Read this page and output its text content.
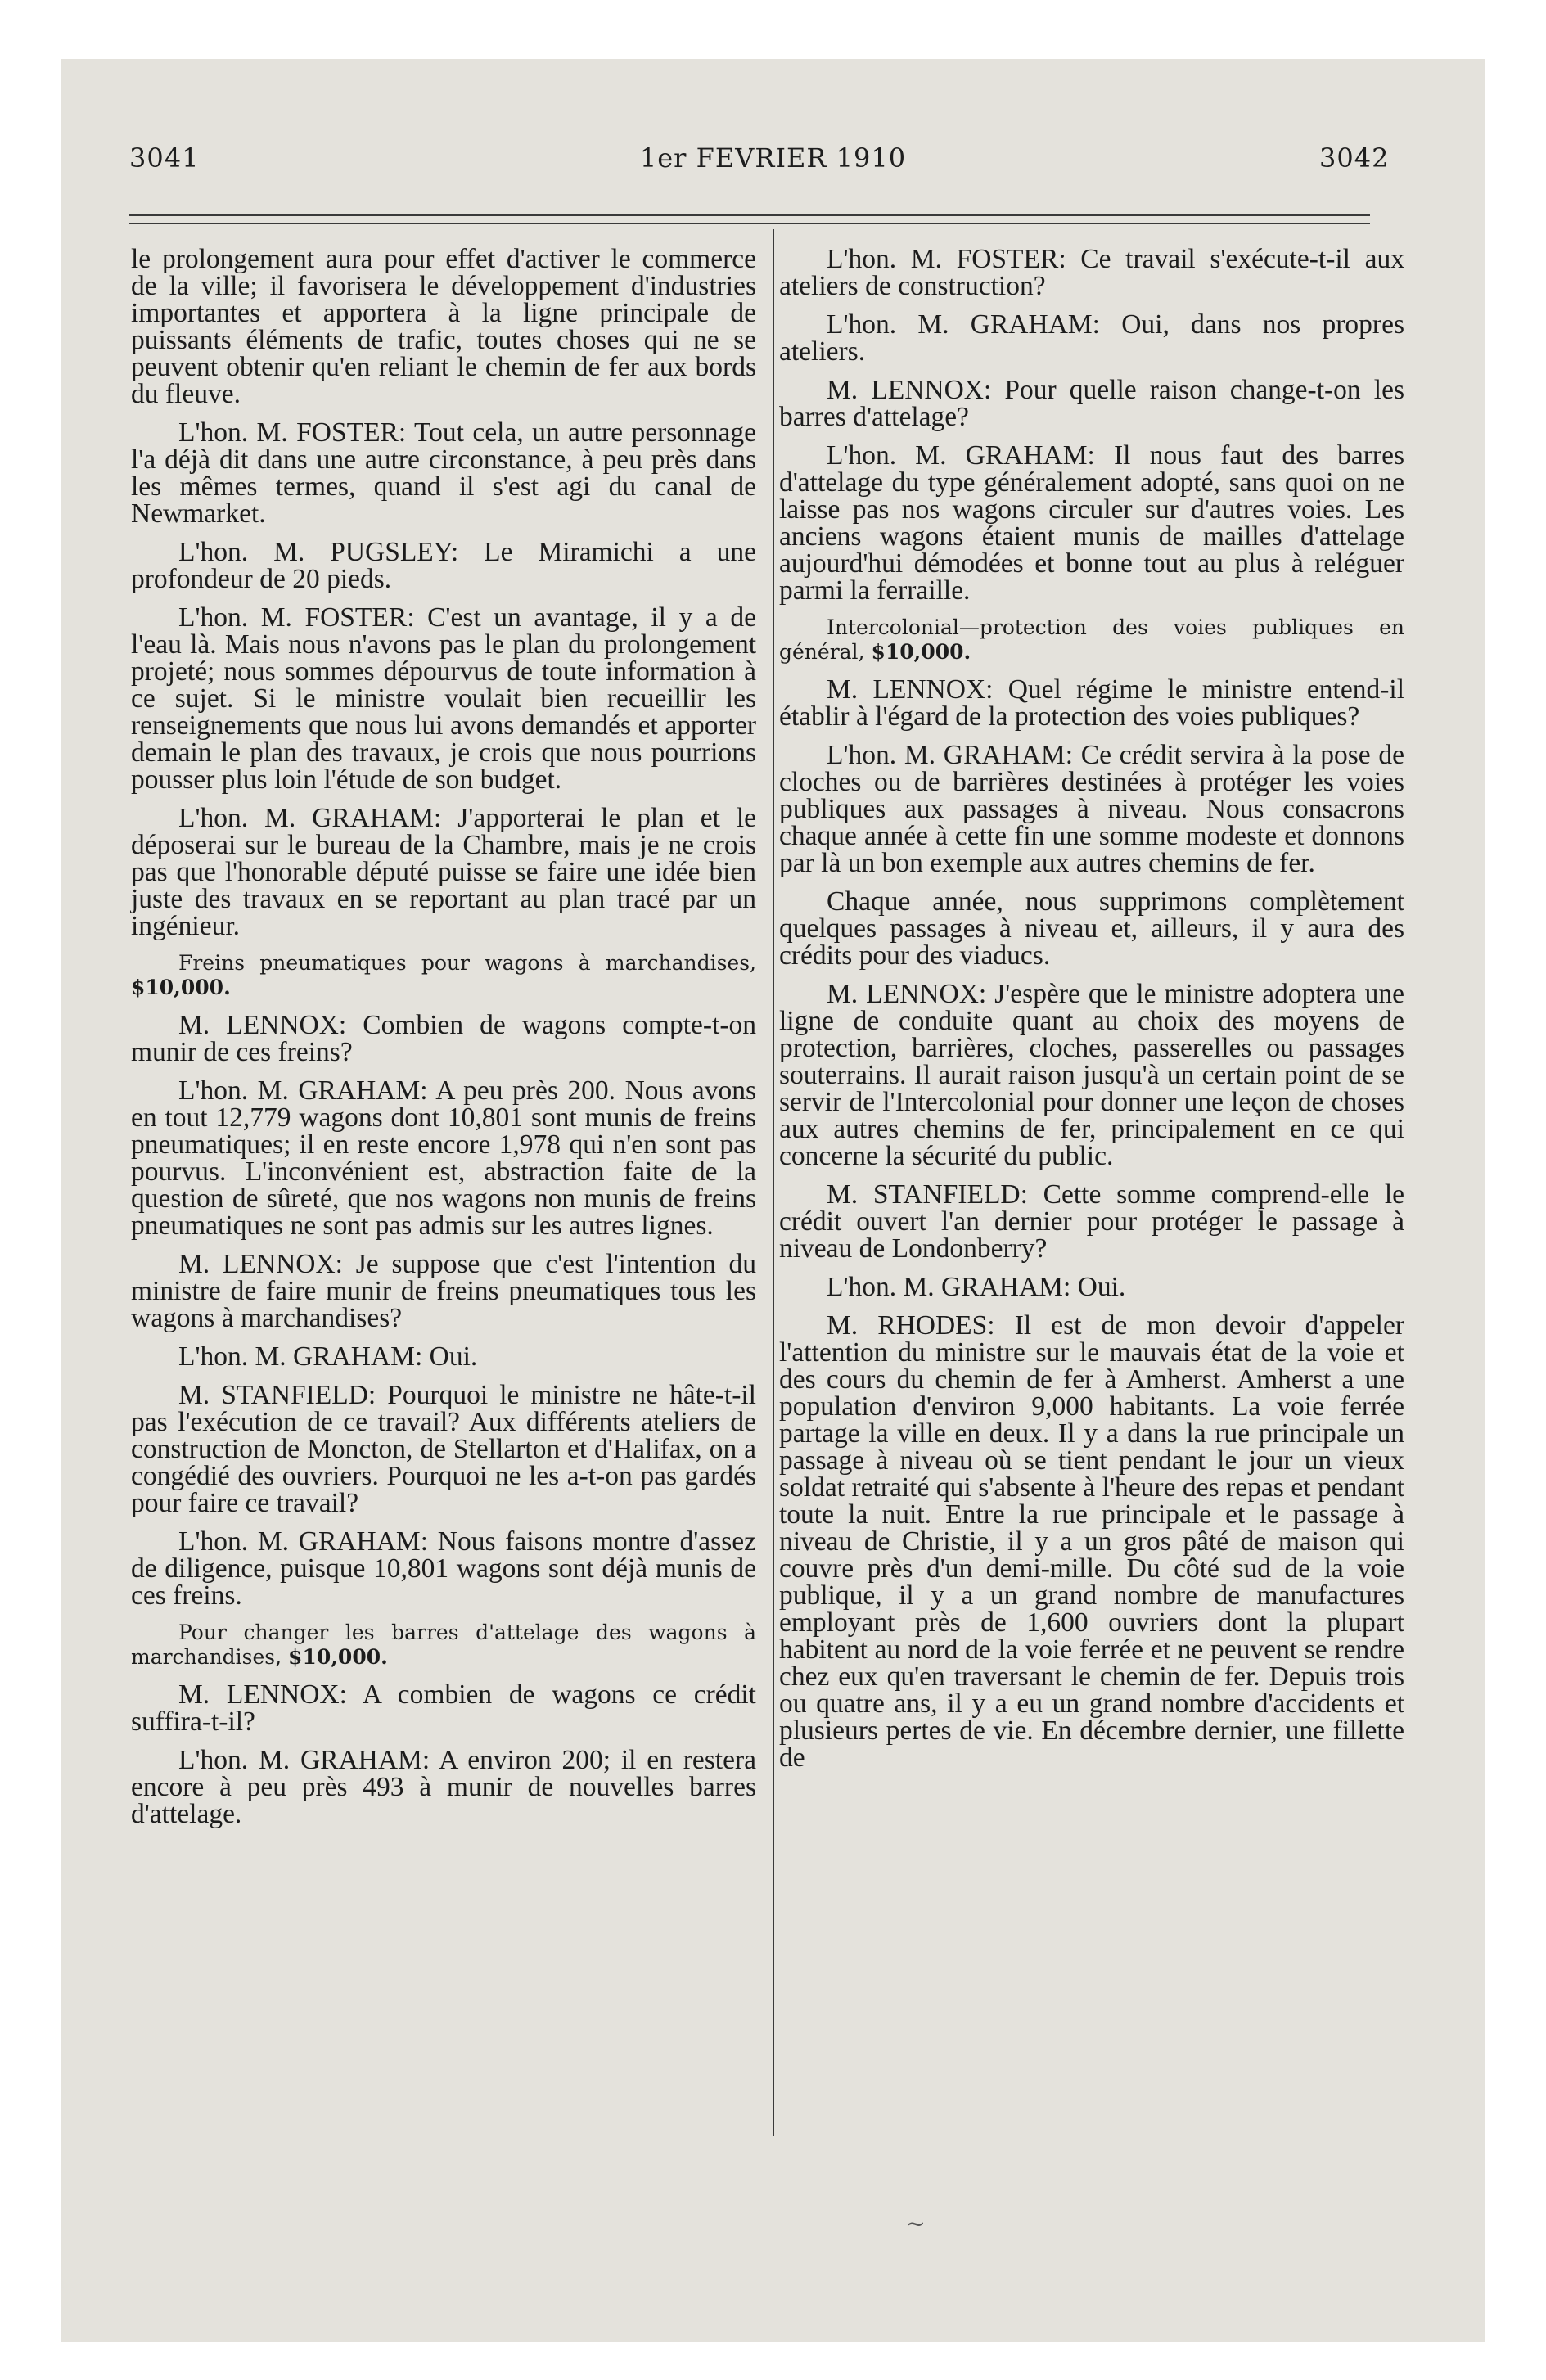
3041	1er FEVRIER 1910	3042

le prolongement aura pour effet d'activer le commerce de la ville; il favorisera le développement d'industries importantes et apportera à la ligne principale de puissants éléments de trafic, toutes choses qui ne se peuvent obtenir qu'en reliant le chemin de fer aux bords du fleuve.

L'hon. M. FOSTER: Tout cela, un autre personnage l'a déjà dit dans une autre circonstance, à peu près dans les mêmes termes, quand il s'est agi du canal de Newmarket.

L'hon. M. PUGSLEY: Le Miramichi a une profondeur de 20 pieds.

L'hon. M. FOSTER: C'est un avantage, il y a de l'eau là. Mais nous n'avons pas le plan du prolongement projeté; nous sommes dépourvus de toute information à ce sujet. Si le ministre voulait bien recueillir les renseignements que nous lui avons demandés et apporter demain le plan des travaux, je crois que nous pourrions pousser plus loin l'étude de son budget.

L'hon. M. GRAHAM: J'apporterai le plan et le déposerai sur le bureau de la Chambre, mais je ne crois pas que l'honorable député puisse se faire une idée bien juste des travaux en se reportant au plan tracé par un ingénieur.

Freins pneumatiques pour wagons à marchandises, $10,000.

M. LENNOX: Combien de wagons compte-t-on munir de ces freins?

L'hon. M. GRAHAM: A peu près 200. Nous avons en tout 12,779 wagons dont 10,801 sont munis de freins pneumatiques; il en reste encore 1,978 qui n'en sont pas pourvus. L'inconvénient est, abstraction faite de la question de sûreté, que nos wagons non munis de freins pneumatiques ne sont pas admis sur les autres lignes.

M. LENNOX: Je suppose que c'est l'intention du ministre de faire munir de freins pneumatiques tous les wagons à marchandises?

L'hon. M. GRAHAM: Oui.

M. STANFIELD: Pourquoi le ministre ne hâte-t-il pas l'exécution de ce travail? Aux différents ateliers de construction de Moncton, de Stellarton et d'Halifax, on a congédié des ouvriers. Pourquoi ne les a-t-on pas gardés pour faire ce travail?

L'hon. M. GRAHAM: Nous faisons montre d'assez de diligence, puisque 10,801 wagons sont déjà munis de ces freins.

Pour changer les barres d'attelage des wagons à marchandises, $10,000.

M. LENNOX: A combien de wagons ce crédit suffira-t-il?

L'hon. M. GRAHAM: A environ 200; il en restera encore à peu près 493 à munir de nouvelles barres d'attelage.

L'hon. M. FOSTER: Ce travail s'exécute-t-il aux ateliers de construction?

L'hon. M. GRAHAM: Oui, dans nos propres ateliers.

M. LENNOX: Pour quelle raison change-t-on les barres d'attelage?

L'hon. M. GRAHAM: Il nous faut des barres d'attelage du type généralement adopté, sans quoi on ne laisse pas nos wagons circuler sur d'autres voies. Les anciens wagons étaient munis de mailles d'attelage aujourd'hui démodées et bonne tout au plus à reléguer parmi la ferraille.

Intercolonial—protection des voies publiques en général, $10,000.

M. LENNOX: Quel régime le ministre entend-il établir à l'égard de la protection des voies publiques?

L'hon. M. GRAHAM: Ce crédit servira à la pose de cloches ou de barrières destinées à protéger les voies publiques aux passages à niveau. Nous consacrons chaque année à cette fin une somme modeste et donnons par là un bon exemple aux autres chemins de fer.

Chaque année, nous supprimons complètement quelques passages à niveau et, ailleurs, il y aura des crédits pour des viaducs.

M. LENNOX: J'espère que le ministre adoptera une ligne de conduite quant au choix des moyens de protection, barrières, cloches, passerelles ou passages souterrains. Il aurait raison jusqu'à un certain point de se servir de l'Intercolonial pour donner une leçon de choses aux autres chemins de fer, principalement en ce qui concerne la sécurité du public.

M. STANFIELD: Cette somme comprend-elle le crédit ouvert l'an dernier pour protéger le passage à niveau de Londonberry?

L'hon. M. GRAHAM: Oui.

M. RHODES: Il est de mon devoir d'appeler l'attention du ministre sur le mauvais état de la voie et des cours du chemin de fer à Amherst. Amherst a une population d'environ 9,000 habitants. La voie ferrée partage la ville en deux. Il y a dans la rue principale un passage à niveau où se tient pendant le jour un vieux soldat retraité qui s'absente à l'heure des repas et pendant toute la nuit. Entre la rue principale et le passage à niveau de Christie, il y a un gros pâté de maison qui couvre près d'un demi-mille. Du côté sud de la voie publique, il y a un grand nombre de manufactures employant près de 1,600 ouvriers dont la plupart habitent au nord de la voie ferrée et ne peuvent se rendre chez eux qu'en traversant le chemin de fer. Depuis trois ou quatre ans, il y a eu un grand nombre d'accidents et plusieurs pertes de vie. En décembre dernier, une fillette de

~
